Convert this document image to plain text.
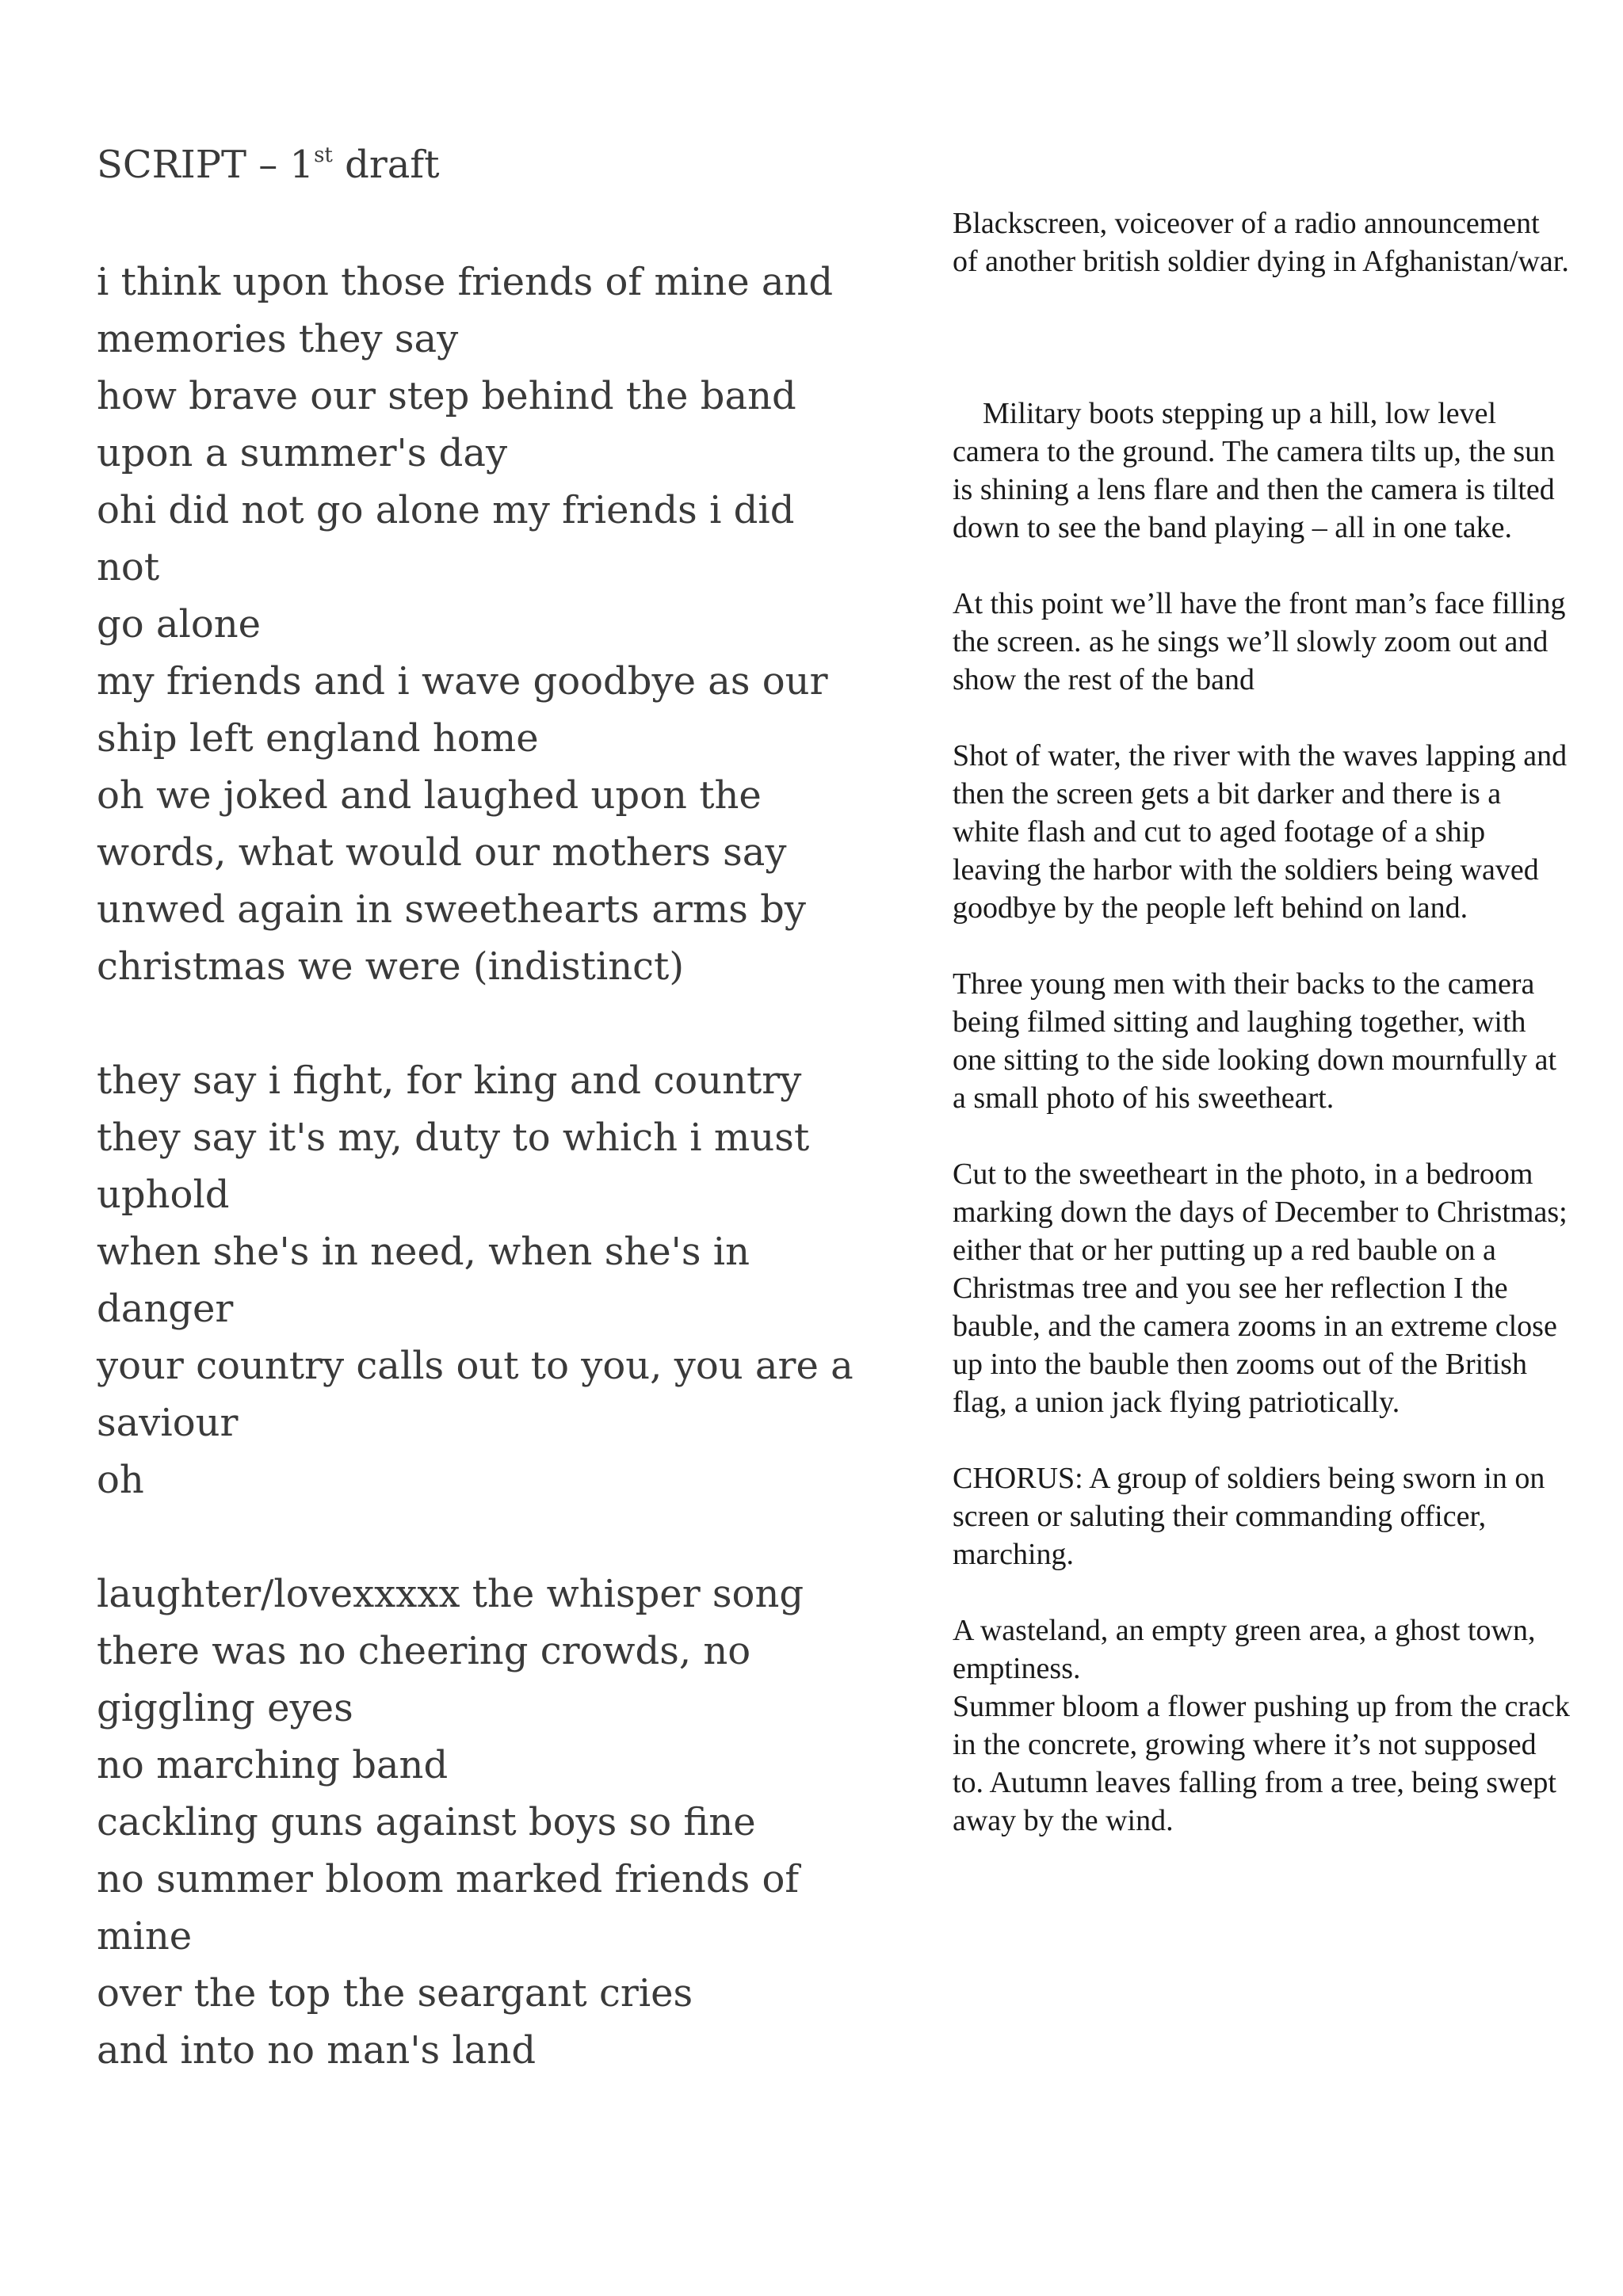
SCRIPT – 1st draft
i think upon those friends of mine and
memories they say
how brave our step behind the band
upon a summer's day
ohi did not go alone my friends i did not
go alone
my friends and i wave goodbye as our
ship left england home
oh we joked and laughed upon the
words, what would our mothers say
unwed again in sweethearts arms by
christmas we were (indistinct)
they say i fight, for king and country
they say it's my, duty to which i must
uphold
when she's in need, when she's in
danger
your country calls out to you, you are a
saviour
oh
laughter/lovexxxxx the whisper song
there was no cheering crowds, no
giggling eyes
no marching band
cackling guns against boys so fine
no summer bloom marked friends of
mine
over the top the seargant cries
and into no man's land

Blackscreen, voiceover of a radio announcement of another british soldier dying in Afghanistan/war.

Military boots stepping up a hill, low level camera to the ground. The camera tilts up, the sun is shining a lens flare and then the camera is tilted down to see the band playing – all in one take.

At this point we’ll have the front man’s face filling the screen. as he sings we’ll slowly zoom out and show the rest of the band

Shot of water, the river with the waves lapping and then the screen gets a bit darker and there is a white flash and cut to aged footage of a ship leaving the harbor with the soldiers being waved goodbye by the people left behind on land.

Three young men with their backs to the camera being filmed sitting and laughing together, with one sitting to the side looking down mournfully at a small photo of his sweetheart.

Cut to the sweetheart in the photo, in a bedroom marking down the days of December to Christmas; either that or her putting up a red bauble on a Christmas tree and you see her reflection I the bauble, and the camera zooms in an extreme close up into the bauble then zooms out of the British flag, a union jack flying patriotically.

CHORUS: A group of soldiers being sworn in on screen or saluting their commanding officer, marching.

A wasteland, an empty green area, a ghost town, emptiness.

Summer bloom a flower pushing up from the crack in the concrete, growing where it’s not supposed to. Autumn leaves falling from a tree, being swept away by the wind.
